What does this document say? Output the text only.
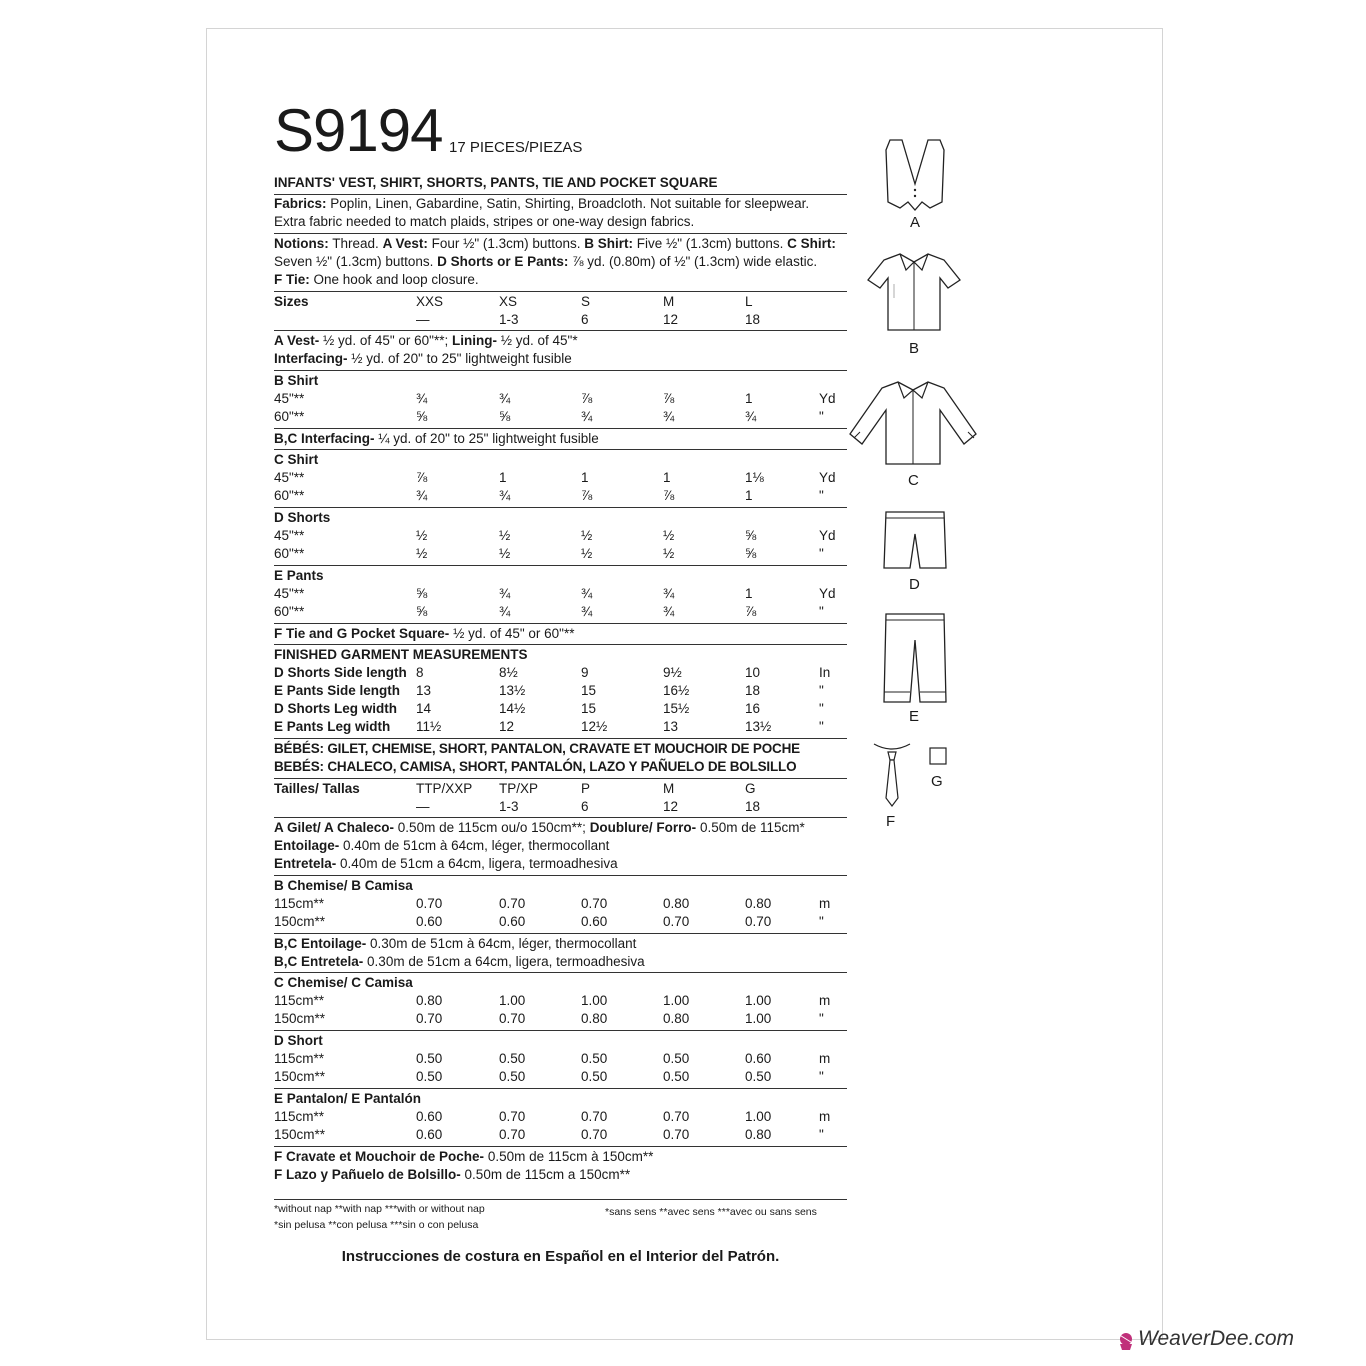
S9194 17 PIECES/PIEZAS
INFANTS' VEST, SHIRT, SHORTS, PANTS, TIE AND POCKET SQUARE
Fabrics: Poplin, Linen, Gabardine, Satin, Shirting, Broadcloth. Not suitable for sleepwear.
Extra fabric needed to match plaids, stripes or one-way design fabrics.
Notions: Thread. A Vest: Four ½" (1.3cm) buttons. B Shirt: Five ½" (1.3cm) buttons. C Shirt:
Seven ½" (1.3cm) buttons. D Shorts or E Pants: ⅞ yd. (0.80m) of ½" (1.3cm) wide elastic.
F Tie: One hook and loop closure.
Sizes	XXS	XS	S	M	L
—	1-3	6	12	18
A Vest- ½ yd. of 45" or 60"**; Lining- ½ yd. of 45"*
Interfacing- ½ yd. of 20" to 25" lightweight fusible
B Shirt
45"**	¾	¾	⅞	⅞	1	Yd
60"**	⅝	⅝	¾	¾	¾	"
B,C Interfacing- ¼ yd. of 20" to 25" lightweight fusible
C Shirt
45"**	⅞	1	1	1	1⅛	Yd
60"**	¾	¾	⅞	⅞	1	"
D Shorts
45"**	½	½	½	½	⅝	Yd
60"**	½	½	½	½	⅝	"
E Pants
45"**	⅝	¾	¾	¾	1	Yd
60"**	⅝	¾	¾	¾	⅞	"
F Tie and G Pocket Square- ½ yd. of 45" or 60"**
FINISHED GARMENT MEASUREMENTS
D Shorts Side length 8	8½	9	9½	10	In
E Pants Side length 13	13½	15	16½	18	"
D Shorts Leg width 14	14½	15	15½	16	"
E Pants Leg width 11½	12	12½	13	13½	"
BÉBÉS: GILET, CHEMISE, SHORT, PANTALON, CRAVATE ET MOUCHOIR DE POCHE
BEBÉS: CHALECO, CAMISA, SHORT, PANTALÓN, LAZO Y PAÑUELO DE BOLSILLO
Tailles/ Tallas	TTP/XXP TP/XP	P	M	G
—	1-3	6	12	18
A Gilet/ A Chaleco- 0.50m de 115cm ou/o 150cm**; Doublure/ Forro- 0.50m de 115cm*
Entoilage- 0.40m de 51cm à 64cm, léger, thermocollant
Entretela- 0.40m de 51cm a 64cm, ligera, termoadhesiva
B Chemise/ B Camisa
115cm**	0.70	0.70	0.70	0.80	0.80	m
150cm**	0.60	0.60	0.60	0.70	0.70	"
B,C Entoilage- 0.30m de 51cm à 64cm, léger, thermocollant
B,C Entretela- 0.30m de 51cm a 64cm, ligera, termoadhesiva
C Chemise/ C Camisa
115cm**	0.80	1.00	1.00	1.00	1.00	m
150cm**	0.70	0.70	0.80	0.80	1.00	"
D Short
115cm**	0.50	0.50	0.50	0.50	0.60	m
150cm**	0.50	0.50	0.50	0.50	0.50	"
E Pantalon/ E Pantalón
115cm**	0.60	0.70	0.70	0.70	1.00	m
150cm**	0.60	0.70	0.70	0.70	0.80	"
F Cravate et Mouchoir de Poche- 0.50m de 115cm à 150cm**
F Lazo y Pañuelo de Bolsillo- 0.50m de 115cm a 150cm**
*without nap **with nap ***with or without nap
*sin pelusa **con pelusa ***sin o con pelusa
*sans sens **avec sens ***avec ou sans sens
Instrucciones de costura en Español en el Interior del Patrón.
A
B
C
D
E
F
G
WeaverDee.com
